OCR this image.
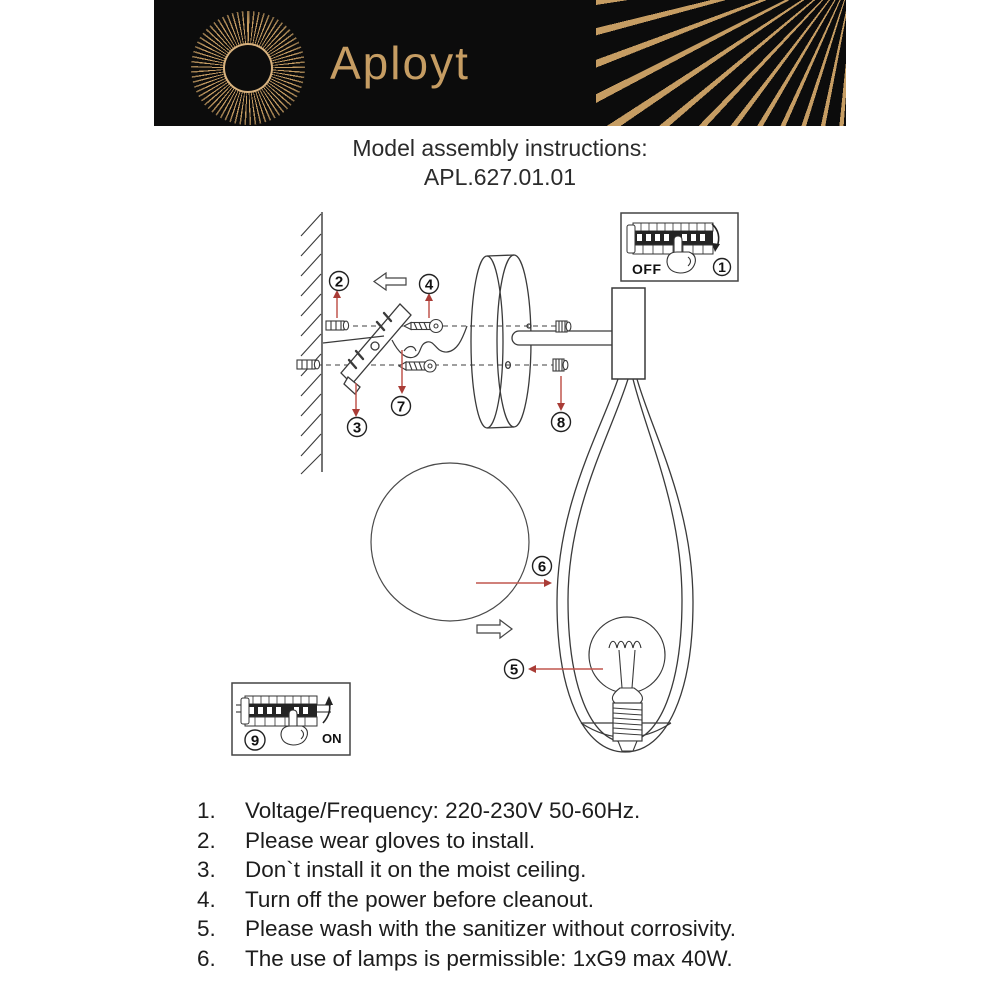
Aployt
Model assembly instructions:
APL.627.01.01
2	4
3
7
8
6
5
OFF	1
ON
9
1.	Voltage/Frequency: 220-230V 50-60Hz.
2.	Please wear gloves to install.
3.	Don`t install it on the moist ceiling.
4.	Turn off the power before cleanout.
5.	Please wash with the sanitizer without corrosivity.
6.	The use of lamps is permissible: 1xG9 max 40W.
